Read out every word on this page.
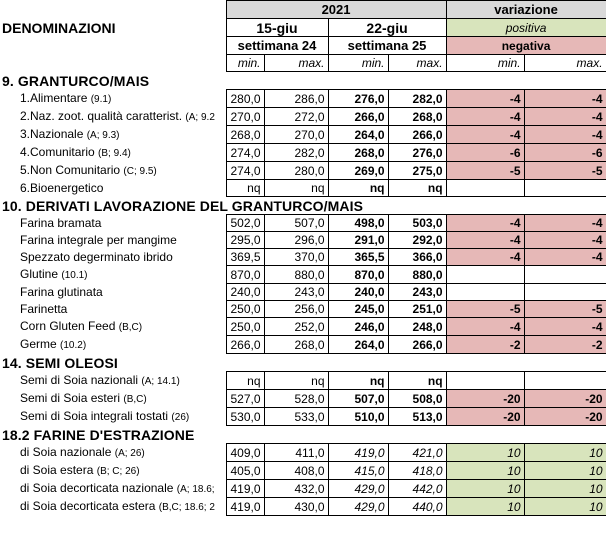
DENOMINAZIONI	2021				variazione	
	15-giu		22-giu		positiva	
	settimana 24		settimana 25		negativa	
	min.	max.	min.	max.	min.	max.
9. GRANTURCO/MAIS						
1.Alimentare (9.1)	280,0	286,0	276,0	282,0	-4	-4
2.Naz. zoot. qualità caratterist. (A; 9.2	270,0	272,0	266,0	268,0	-4	-4
3.Nazionale (A; 9.3)	268,0	270,0	264,0	266,0	-4	-4
4.Comunitario (B; 9.4)	274,0	282,0	268,0	276,0	-6	-6
5.Non Comunitario (C; 9.5)	274,0	280,0	269,0	275,0	-5	-5
6.Bioenergetico	nq	nq	nq	nq		
10. DERIVATI LAVORAZIONE DEL GRANTURCO/MAIS						
Farina bramata	502,0	507,0	498,0	503,0	-4	-4
Farina integrale per mangime	295,0	296,0	291,0	292,0	-4	-4
Spezzato degerminato ibrido	369,5	370,0	365,5	366,0	-4	-4
Glutine (10.1)	870,0	880,0	870,0	880,0		
Farina glutinata	240,0	243,0	240,0	243,0		
Farinetta	250,0	256,0	245,0	251,0	-5	-5
Corn Gluten Feed (B,C)	250,0	252,0	246,0	248,0	-4	-4
Germe (10.2)	266,0	268,0	264,0	266,0	-2	-2
14. SEMI OLEOSI						
Semi di Soia nazionali (A; 14.1)	nq	nq	nq	nq		
Semi di Soia esteri (B,C)	527,0	528,0	507,0	508,0	-20	-20
Semi di Soia integrali tostati (26)	530,0	533,0	510,0	513,0	-20	-20
18.2 FARINE D'ESTRAZIONE						
di Soia nazionale (A; 26)	409,0	411,0	419,0	421,0	10	10
di Soia estera (B; C; 26)	405,0	408,0	415,0	418,0	10	10
di Soia decorticata nazionale (A; 18.6;	419,0	432,0	429,0	442,0	10	10
di Soia decorticata estera (B,C; 18.6; 2	419,0	430,0	429,0	440,0	10	10
